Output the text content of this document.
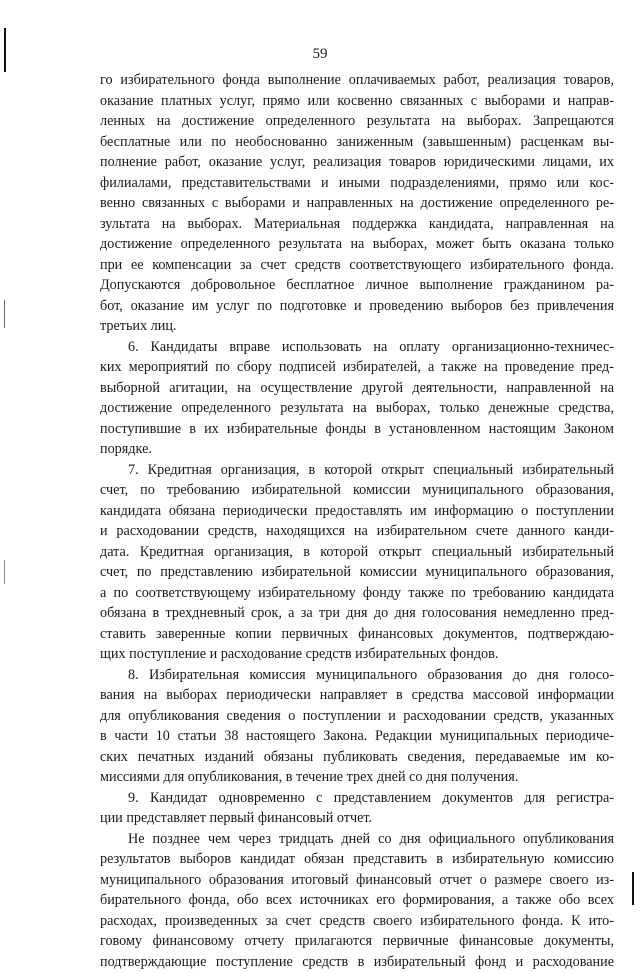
59
го избирательного фонда выполнение оплачиваемых работ, реализация товаров,
оказание платных услуг, прямо или косвенно связанных с выборами и направ-
ленных на достижение определенного результата на выборах. Запрещаются
бесплатные или по необоснованно заниженным (завышенным) расценкам вы-
полнение работ, оказание услуг, реализация товаров юридическими лицами, их
филиалами, представительствами и иными подразделениями, прямо или кос-
венно связанных с выборами и направленных на достижение определенного ре-
зультата на выборах. Материальная поддержка кандидата, направленная на
достижение определенного результата на выборах, может быть оказана только
при ее компенсации за счет средств соответствующего избирательного фонда.
Допускаются добровольное бесплатное личное выполнение гражданином ра-
бот, оказание им услуг по подготовке и проведению выборов без привлечения
третьих лиц.
6. Кандидаты вправе использовать на оплату организационно-техничес-
ких мероприятий по сбору подписей избирателей, а также на проведение пред-
выборной агитации, на осуществление другой деятельности, направленной на
достижение определенного результата на выборах, только денежные средства,
поступившие в их избирательные фонды в установленном настоящим Законом
порядке.
7. Кредитная организация, в которой открыт специальный избирательный
счет, по требованию избирательной комиссии муниципального образования,
кандидата обязана периодически предоставлять им информацию о поступлении
и расходовании средств, находящихся на избирательном счете данного канди-
дата. Кредитная организация, в которой открыт специальный избирательный
счет, по представлению избирательной комиссии муниципального образования,
а по соответствующему избирательному фонду также по требованию кандидата
обязана в трехдневный срок, а за три дня до дня голосования немедленно пред-
ставить заверенные копии первичных финансовых документов, подтверждаю-
щих поступление и расходование средств избирательных фондов.
8. Избирательная комиссия муниципального образования до дня голосо-
вания на выборах периодически направляет в средства массовой информации
для опубликования сведения о поступлении и расходовании средств, указанных
в части 10 статьи 38 настоящего Закона. Редакции муниципальных периодиче-
ских печатных изданий обязаны публиковать сведения, передаваемые им ко-
миссиями для опубликования, в течение трех дней со дня получения.
9. Кандидат одновременно с представлением документов для регистра-
ции представляет первый финансовый отчет.
Не позднее чем через тридцать дней со дня официального опубликования
результатов выборов кандидат обязан представить в избирательную комиссию
муниципального образования итоговый финансовый отчет о размере своего из-
бирательного фонда, обо всех источниках его формирования, а также обо всех
расходах, произведенных за счет средств своего избирательного фонда. К ито-
говому финансовому отчету прилагаются первичные финансовые документы,
подтверждающие поступление средств в избирательный фонд и расходование
